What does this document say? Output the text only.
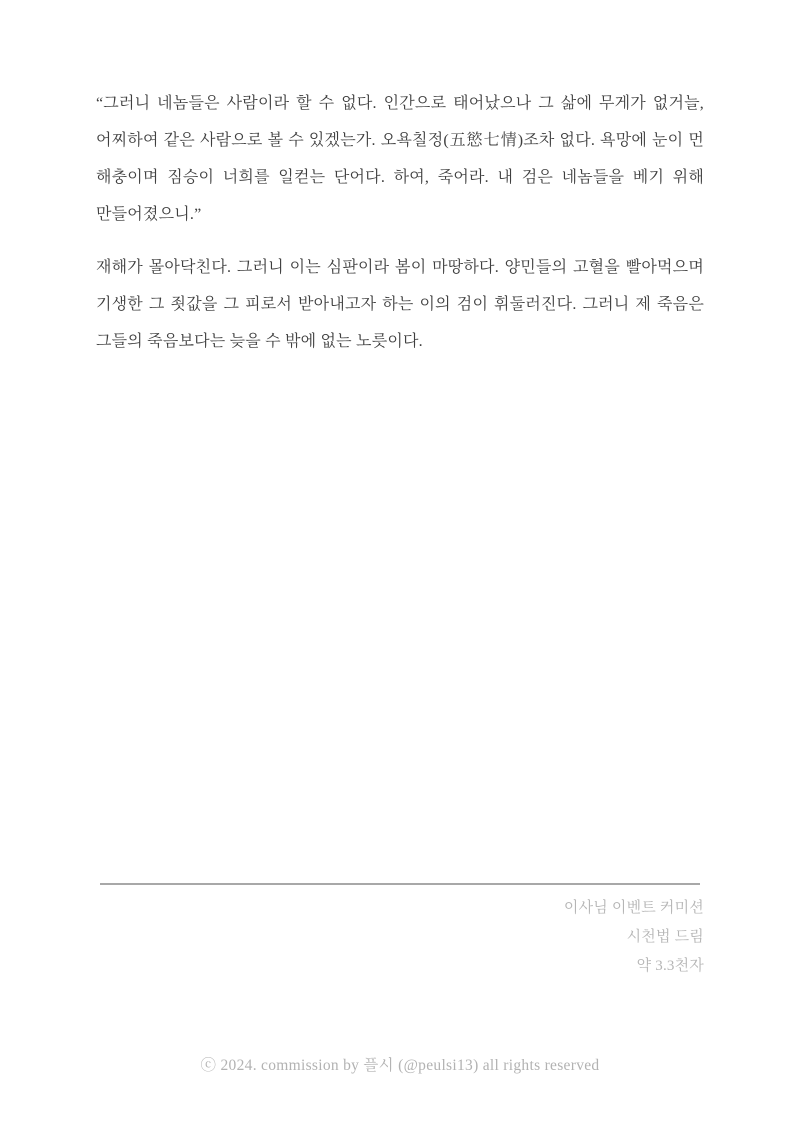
“그러니 네놈들은 사람이라 할 수 없다. 인간으로 태어났으나 그 삶에 무게가 없거늘, 어찌하여 같은 사람으로 볼 수 있겠는가. 오욕칠정(五慾七情)조차 없다. 욕망에 눈이 먼 해충이며 짐승이 너희를 일컫는 단어다. 하여, 죽어라. 내 검은 네놈들을 베기 위해 만들어졌으니.”

재해가 몰아닥친다. 그러니 이는 심판이라 봄이 마땅하다. 양민들의 고혈을 빨아먹으며 기생한 그 죗값을 그 피로서 받아내고자 하는 이의 검이 휘둘러진다. 그러니 제 죽음은 그들의 죽음보다는 늦을 수 밖에 없는 노릇이다.

이사님 이벤트 커미션
시천법 드림
약 3.3천자
ⓒ 2024. commission by 플시 (@peulsi13) all rights reserved
